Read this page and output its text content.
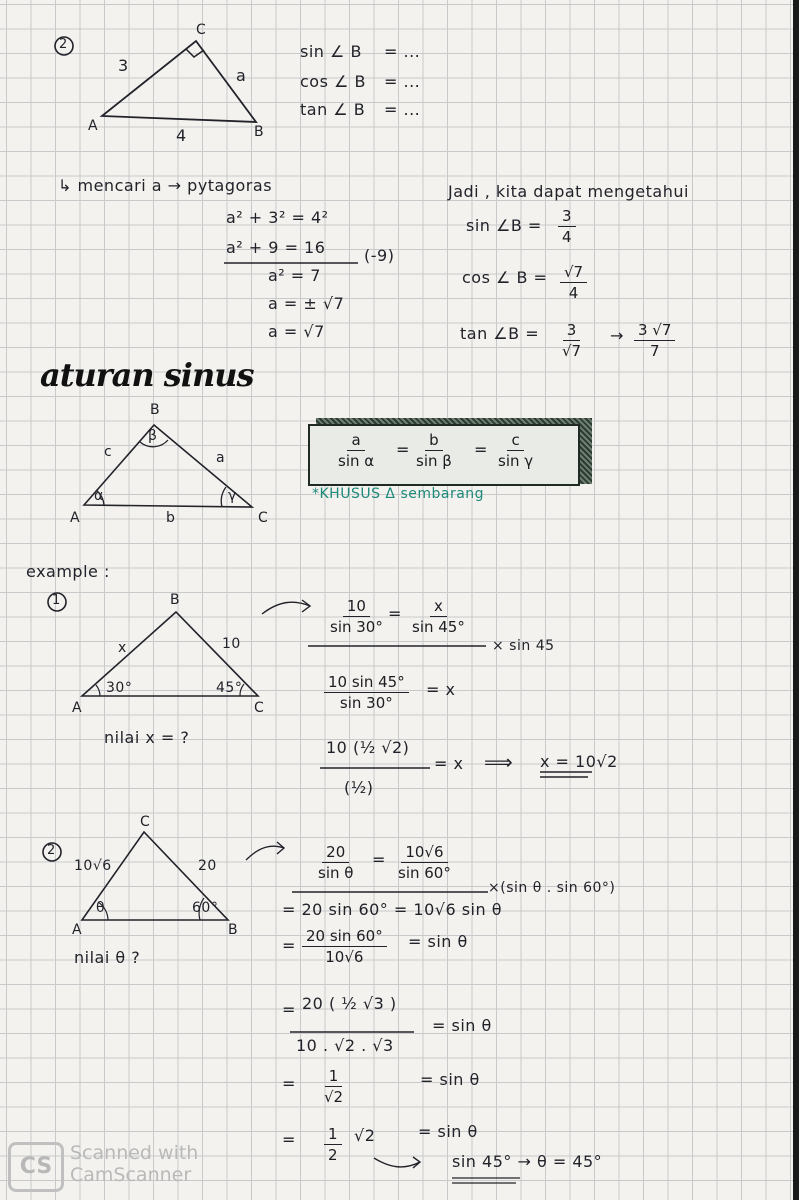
2
3
a
4
A	B
C
sin ∠ B
cos ∠ B
tan ∠ B
= ...
= ...
= ...
↳ mencari a → pytagoras
a² + 3² = 4²
a² + 9 = 16 (-9)
a² = 7
a = ± √7
a = √7
Jadi , kita dapat mengetahui
sin ∠B = $\frac{3}{4}$
cos ∠ $B = \frac{√7}{4}$
tan ∠B = $\frac{3}{√7} \to \frac{3 √7}{7}$
aturan sinus
B
A	C
c	a
b
α
β
γ
$\frac{a}{\text{sin α}} = \frac{b}{\text{sin β}} = \frac{c}{\text{sin γ}}$
*KHUSUS Δ sembarang
example :
1	B
A	C
x	10
30°	45°
nilai x = ?
$\frac{10}{\sin 30^\circ} = \frac{x}{\sin 45^\circ}$
× sin 45
$\frac{10 \sin 45^\circ}{\sin 30^\circ} = x$
10 (½ √2)
(½)
= x ⟹ x = 10√2
2
C
A	B
10√6	20
θ	60°
nilai θ ?
$\frac{20}{\text{sin θ}} = \frac{10√6}{\sin 60^\circ}$
×(sin θ . sin 60°)
= 20 sin 60° = 10√6 sin θ
= $\frac{20 \sin 60^\circ}{10√6} = \sin \theta$
= 20 ( ½ √3 )
10 . √2 . √3
= sin θ
= $\frac{1}{√2}$	= sin θ
= $\frac{1}{2} √2$	= sin θ
sin 45° → θ = 45°
CS
Scanned with
CamScanner
